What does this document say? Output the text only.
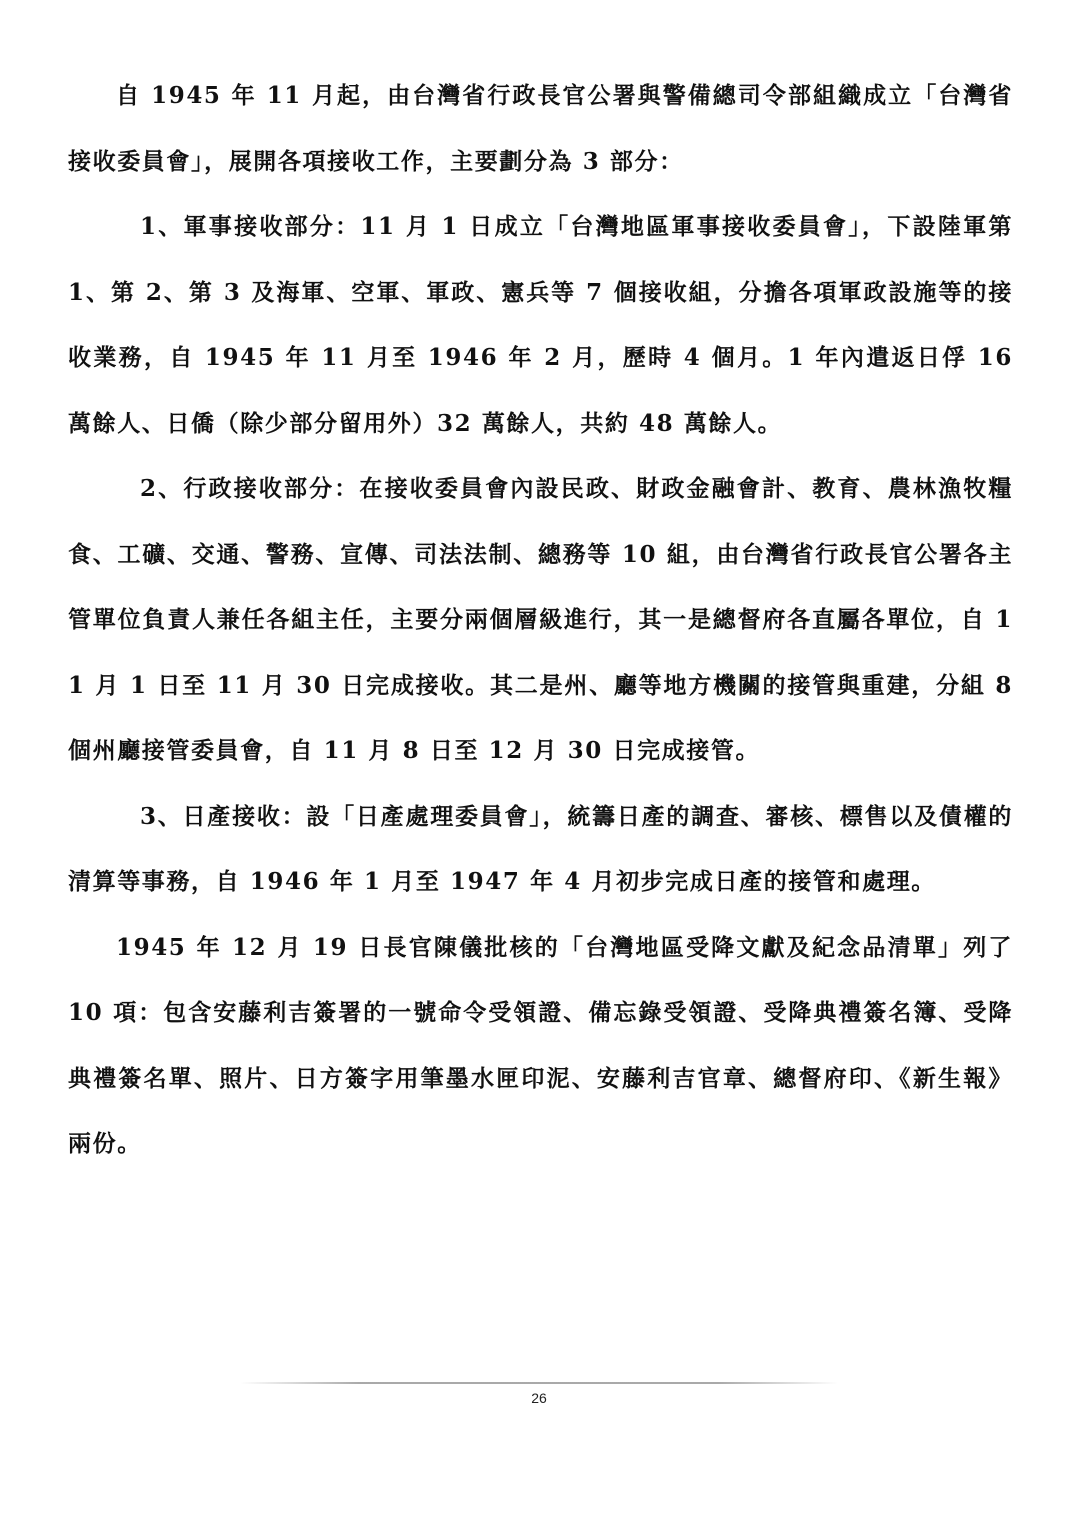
自 1945 年 11 月起，由台灣省行政長官公署與警備總司令部組織成立「台灣省接收委員會」，展開各項接收工作，主要劃分為 3 部分：

1、軍事接收部分：11 月 1 日成立「台灣地區軍事接收委員會」，下設陸軍第 1、第 2、第 3 及海軍、空軍、軍政、憲兵等 7 個接收組，分擔各項軍政設施等的接收業務，自 1945 年 11 月至 1946 年 2 月，歷時 4 個月。1 年內遣返日俘 16 萬餘人、日僑（除少部分留用外）32 萬餘人，共約 48 萬餘人。

2、行政接收部分：在接收委員會內設民政、財政金融會計、教育、農林漁牧糧食、工礦、交通、警務、宣傳、司法法制、總務等 10 組，由台灣省行政長官公署各主管單位負責人兼任各組主任，主要分兩個層級進行，其一是總督府各直屬各單位，自 11 月 1 日至 11 月 30 日完成接收。其二是州、廳等地方機關的接管與重建，分組 8 個州廳接管委員會，自 11 月 8 日至 12 月 30 日完成接管。

3、日產接收：設「日產處理委員會」，統籌日產的調查、審核、標售以及債權的清算等事務，自 1946 年 1 月至 1947 年 4 月初步完成日產的接管和處理。

1945 年 12 月 19 日長官陳儀批核的「台灣地區受降文獻及紀念品清單」列了 10 項：包含安藤利吉簽署的一號命令受領證、備忘錄受領證、受降典禮簽名簿、受降典禮簽名單、照片、日方簽字用筆墨水匣印泥、安藤利吉官章、總督府印、《新生報》兩份。

26
